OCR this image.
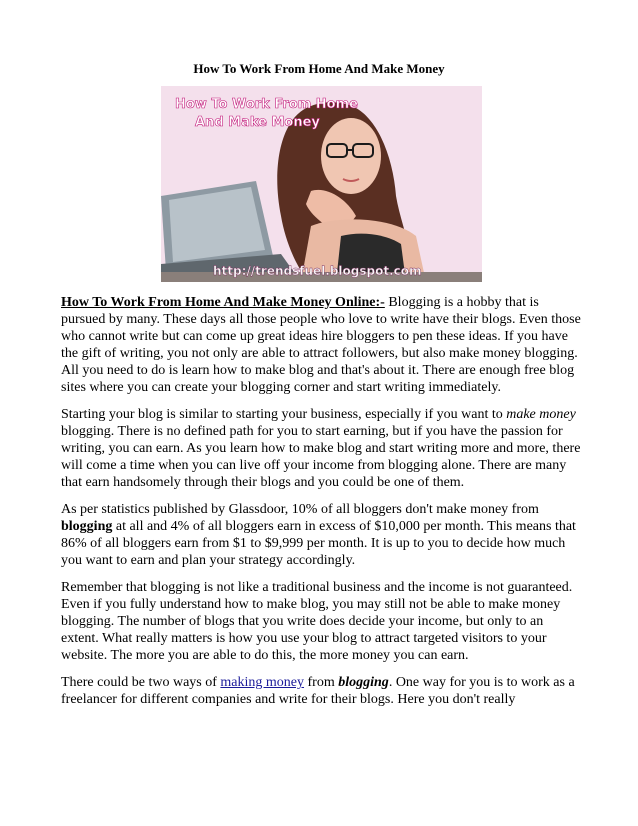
How To Work From Home And Make Money
How To Work From Home
And Make Money
http://trendsfuel.blogspot.com

How To Work From Home And Make Money Online:- Blogging is a hobby that is pursued by many. These days all those people who love to write have their blogs. Even those who cannot write but can come up great ideas hire bloggers to pen these ideas. If you have the gift of writing, you not only are able to attract followers, but also make money blogging. All you need to do is learn how to make blog and that's about it. There are enough free blog sites where you can create your blogging corner and start writing immediately.

Starting your blog is similar to starting your business, especially if you want to make money blogging. There is no defined path for you to start earning, but if you have the passion for writing, you can earn. As you learn how to make blog and start writing more and more, there will come a time when you can live off your income from blogging alone. There are many that earn handsomely through their blogs and you could be one of them.

As per statistics published by Glassdoor, 10% of all bloggers don't make money from blogging at all and 4% of all bloggers earn in excess of $10,000 per month. This means that 86% of all bloggers earn from $1 to $9,999 per month. It is up to you to decide how much you want to earn and plan your strategy accordingly.

Remember that blogging is not like a traditional business and the income is not guaranteed. Even if you fully understand how to make blog, you may still not be able to make money blogging. The number of blogs that you write does decide your income, but only to an extent. What really matters is how you use your blog to attract targeted visitors to your website. The more you are able to do this, the more money you can earn.

There could be two ways of making money from blogging. One way for you is to work as a freelancer for different companies and write for their blogs. Here you don't really
